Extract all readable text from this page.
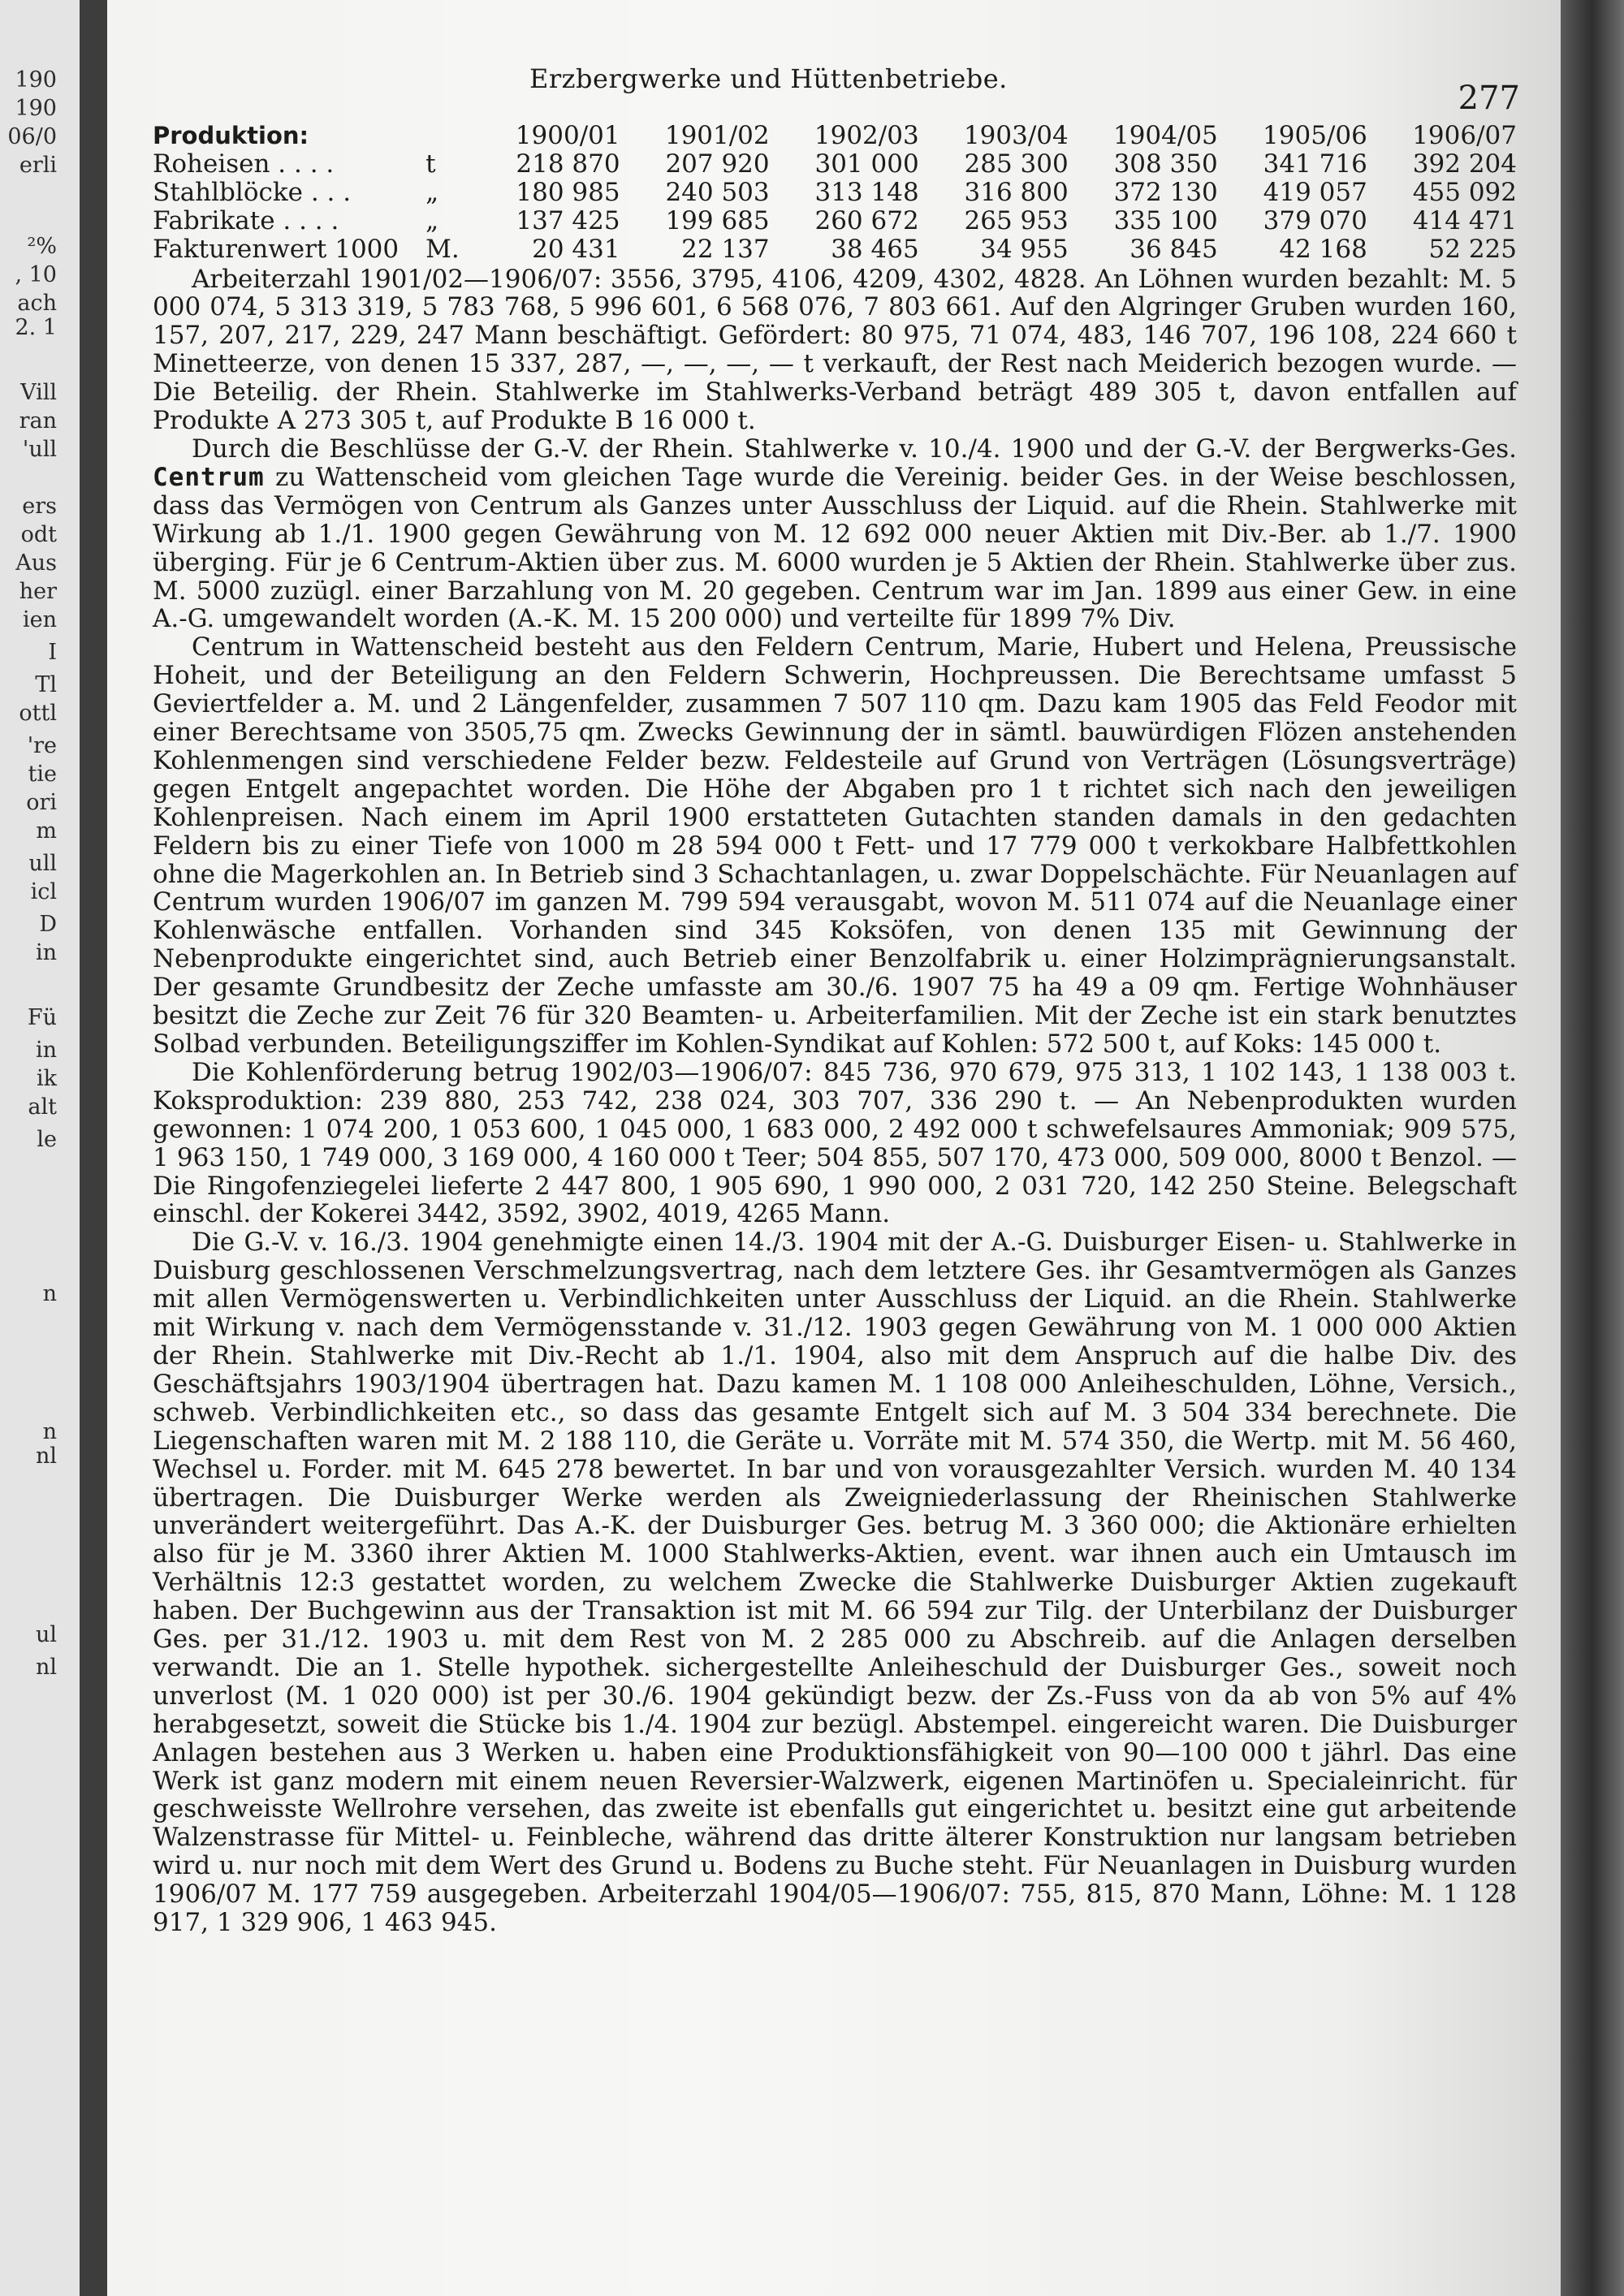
190
190
06/0
erli
²%
, 10
ach
2. 1
Vill
ran
'ull
ers
odt
Aus
her
ien
I
Tl
ottl
're
tie
ori
m
ull
icl
D
in
n
Fü
in
ik
alt
le
n
nl
ul
nl
Erzbergwerke und Hüttenbetriebe.
277
Produktion:		1900/01	1901/02	1902/03	1903/04	1904/05	1905/06	1906/07
Roheisen . . . .	t	218 870	207 920	301 000	285 300	308 350	341 716	392 204
Stahlblöcke . . .	„	180 985	240 503	313 148	316 800	372 130	419 057	455 092
Fabrikate . . . .	„	137 425	199 685	260 672	265 953	335 100	379 070	414 471
Fakturenwert 1000	M.	20 431	22 137	38 465	34 955	36 845	42 168	52 225

Arbeiterzahl 1901/02—1906/07: 3556, 3795, 4106, 4209, 4302, 4828. An Löhnen wurden bezahlt: M. 5 000 074, 5 313 319, 5 783 768, 5 996 601, 6 568 076, 7 803 661. Auf den Algringer Gruben wurden 160, 157, 207, 217, 229, 247 Mann beschäftigt. Gefördert: 80 975, 71 074, 483, 146 707, 196 108, 224 660 t Minetteerze, von denen 15 337, 287, —, —, —, — t verkauft, der Rest nach Meiderich bezogen wurde. — Die Beteilig. der Rhein. Stahlwerke im Stahlwerks-Verband beträgt 489 305 t, davon entfallen auf Produkte A 273 305 t, auf Produkte B 16 000 t.

Durch die Beschlüsse der G.-V. der Rhein. Stahlwerke v. 10./4. 1900 und der G.-V. der Bergwerks-Ges. Centrum zu Wattenscheid vom gleichen Tage wurde die Vereinig. beider Ges. in der Weise beschlossen, dass das Vermögen von Centrum als Ganzes unter Ausschluss der Liquid. auf die Rhein. Stahlwerke mit Wirkung ab 1./1. 1900 gegen Gewährung von M. 12 692 000 neuer Aktien mit Div.-Ber. ab 1./7. 1900 überging. Für je 6 Centrum-Aktien über zus. M. 6000 wurden je 5 Aktien der Rhein. Stahlwerke über zus. M. 5000 zuzügl. einer Barzahlung von M. 20 gegeben. Centrum war im Jan. 1899 aus einer Gew. in eine A.-G. umgewandelt worden (A.-K. M. 15 200 000) und verteilte für 1899 7% Div.

Centrum in Wattenscheid besteht aus den Feldern Centrum, Marie, Hubert und Helena, Preussische Hoheit, und der Beteiligung an den Feldern Schwerin, Hochpreussen. Die Berechtsame umfasst 5 Geviertfelder a. M. und 2 Längenfelder, zusammen 7 507 110 qm. Dazu kam 1905 das Feld Feodor mit einer Berechtsame von 3505,75 qm. Zwecks Gewinnung der in sämtl. bauwürdigen Flözen anstehenden Kohlenmengen sind verschiedene Felder bezw. Feldesteile auf Grund von Verträgen (Lösungsverträge) gegen Entgelt angepachtet worden. Die Höhe der Abgaben pro 1 t richtet sich nach den jeweiligen Kohlenpreisen. Nach einem im April 1900 erstatteten Gutachten standen damals in den gedachten Feldern bis zu einer Tiefe von 1000 m 28 594 000 t Fett- und 17 779 000 t verkokbare Halbfettkohlen ohne die Magerkohlen an. In Betrieb sind 3 Schachtanlagen, u. zwar Doppelschächte. Für Neuanlagen auf Centrum wurden 1906/07 im ganzen M. 799 594 verausgabt, wovon M. 511 074 auf die Neuanlage einer Kohlenwäsche entfallen. Vorhanden sind 345 Koksöfen, von denen 135 mit Gewinnung der Nebenprodukte eingerichtet sind, auch Betrieb einer Benzolfabrik u. einer Holzimprägnierungsanstalt. Der gesamte Grundbesitz der Zeche umfasste am 30./6. 1907 75 ha 49 a 09 qm. Fertige Wohnhäuser besitzt die Zeche zur Zeit 76 für 320 Beamten- u. Arbeiterfamilien. Mit der Zeche ist ein stark benutztes Solbad verbunden. Beteiligungsziffer im Kohlen-Syndikat auf Kohlen: 572 500 t, auf Koks: 145 000 t.

Die Kohlenförderung betrug 1902/03—1906/07: 845 736, 970 679, 975 313, 1 102 143, 1 138 003 t. Koksproduktion: 239 880, 253 742, 238 024, 303 707, 336 290 t. — An Nebenprodukten wurden gewonnen: 1 074 200, 1 053 600, 1 045 000, 1 683 000, 2 492 000 t schwefelsaures Ammoniak; 909 575, 1 963 150, 1 749 000, 3 169 000, 4 160 000 t Teer; 504 855, 507 170, 473 000, 509 000, 8000 t Benzol. — Die Ringofenziegelei lieferte 2 447 800, 1 905 690, 1 990 000, 2 031 720, 142 250 Steine. Belegschaft einschl. der Kokerei 3442, 3592, 3902, 4019, 4265 Mann.

Die G.-V. v. 16./3. 1904 genehmigte einen 14./3. 1904 mit der A.-G. Duisburger Eisen- u. Stahlwerke in Duisburg geschlossenen Verschmelzungsvertrag, nach dem letztere Ges. ihr Gesamtvermögen als Ganzes mit allen Vermögenswerten u. Verbindlichkeiten unter Ausschluss der Liquid. an die Rhein. Stahlwerke mit Wirkung v. nach dem Vermögensstande v. 31./12. 1903 gegen Gewährung von M. 1 000 000 Aktien der Rhein. Stahlwerke mit Div.-Recht ab 1./1. 1904, also mit dem Anspruch auf die halbe Div. des Geschäftsjahrs 1903/1904 übertragen hat. Dazu kamen M. 1 108 000 Anleiheschulden, Löhne, Versich., schweb. Verbindlichkeiten etc., so dass das gesamte Entgelt sich auf M. 3 504 334 berechnete. Die Liegenschaften waren mit M. 2 188 110, die Geräte u. Vorräte mit M. 574 350, die Wertp. mit M. 56 460, Wechsel u. Forder. mit M. 645 278 bewertet. In bar und von vorausgezahlter Versich. wurden M. 40 134 übertragen. Die Duisburger Werke werden als Zweigniederlassung der Rheinischen Stahlwerke unverändert weitergeführt. Das A.-K. der Duisburger Ges. betrug M. 3 360 000; die Aktionäre erhielten also für je M. 3360 ihrer Aktien M. 1000 Stahlwerks-Aktien, event. war ihnen auch ein Umtausch im Verhältnis 12:3 gestattet worden, zu welchem Zwecke die Stahlwerke Duisburger Aktien zugekauft haben. Der Buchgewinn aus der Transaktion ist mit M. 66 594 zur Tilg. der Unterbilanz der Duisburger Ges. per 31./12. 1903 u. mit dem Rest von M. 2 285 000 zu Abschreib. auf die Anlagen derselben verwandt. Die an 1. Stelle hypothek. sichergestellte Anleiheschuld der Duisburger Ges., soweit noch unverlost (M. 1 020 000) ist per 30./6. 1904 gekündigt bezw. der Zs.-Fuss von da ab von 5% auf 4% herabgesetzt, soweit die Stücke bis 1./4. 1904 zur bezügl. Abstempel. eingereicht waren. Die Duisburger Anlagen bestehen aus 3 Werken u. haben eine Produktionsfähigkeit von 90—100 000 t jährl. Das eine Werk ist ganz modern mit einem neuen Reversier-Walzwerk, eigenen Martinöfen u. Specialeinricht. für geschweisste Wellrohre versehen, das zweite ist ebenfalls gut eingerichtet u. besitzt eine gut arbeitende Walzenstrasse für Mittel- u. Feinbleche, während das dritte älterer Konstruktion nur langsam betrieben wird u. nur noch mit dem Wert des Grund u. Bodens zu Buche steht. Für Neuanlagen in Duisburg wurden 1906/07 M. 177 759 ausgegeben. Arbeiterzahl 1904/05—1906/07: 755, 815, 870 Mann, Löhne: M. 1 128 917, 1 329 906, 1 463 945.
